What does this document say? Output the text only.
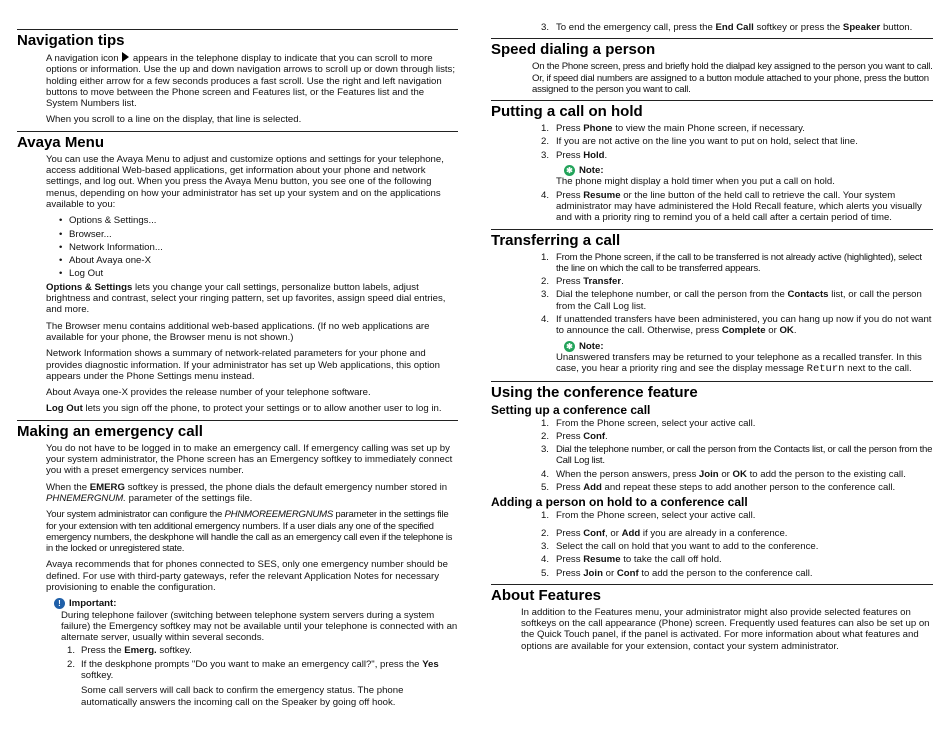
Navigation tips

A navigation icon appears in the telephone display to indicate that you can scroll to more options or information. Use the up and down navigation arrows to scroll up or down through lists; holding either arrow for a few seconds produces a fast scroll. Use the right and left navigation buttons to move between the Phone screen and Features list, or the Features list and the System Numbers list.

When you scroll to a line on the display, that line is selected.

Avaya Menu

You can use the Avaya Menu to adjust and customize options and settings for your telephone, access additional Web-based applications, get information about your phone and network settings, and log out. When you press the Avaya Menu button, you see one of the following menus, depending on how your administrator has set up your system and on the applications available to you:

• Options & Settings...
• Browser...
• Network Information...
• About Avaya one-X
• Log Out

Options & Settings lets you change your call settings, personalize button labels, adjust brightness and contrast, select your ringing pattern, set up favorites, assign speed dial entries, and more.

The Browser menu contains additional web-based applications. (If no web applications are available for your phone, the Browser menu is not shown.)

Network Information shows a summary of network-related parameters for your phone and provides diagnostic information. If your administrator has set up Web applications, this option appears under the Phone Settings menu instead.

About Avaya one-X provides the release number of your telephone software.

Log Out lets you sign off the phone, to protect your settings or to allow another user to log in.

Making an emergency call

You do not have to be logged in to make an emergency call. If emergency calling was set up by your system administrator, the Phone screen has an Emergency softkey to immediately connect you with a preset emergency services number.

When the EMERG softkey is pressed, the phone dials the default emergency number stored in PHNEMERGNUM. parameter of the settings file.

Your system administrator can configure the PHNMOREEMERGNUMS parameter in the settings file for your extension with ten additional emergency numbers. If a user dials any one of the specified emergency numbers, the deskphone will handle the call as an emergency call even if the telephone is in the locked or unregistered state.

Avaya recommends that for phones connected to SES, only one emergency number should be defined. For use with third-party gateways, refer the relevant Application Notes for necessary provisioning to enable the configuration.

! Important:

During telephone failover (switching between telephone system servers during a system failure) the Emergency softkey may not be available until your telephone is connected with an alternate server, usually within several seconds.

1. Press the Emerg. softkey.
2. If the deskphone prompts "Do you want to make an emergency call?", press the Yes softkey.

Some call servers will call back to confirm the emergency status. The phone automatically answers the incoming call on the Speaker by going off hook.

3. To end the emergency call, press the End Call softkey or press the Speaker button.
Speed dialing a person

On the Phone screen, press and briefly hold the dialpad key assigned to the person you want to call. Or, if speed dial numbers are assigned to a button module attached to your phone, press the button assigned to the person you want to call.

Putting a call on hold
1. Press Phone to view the main Phone screen, if necessary.
2. If you are not active on the line you want to put on hold, select that line.
3. Press Hold.
✱ Note:

The phone might display a hold timer when you put a call on hold.

4. Press Resume or the line button of the held call to retrieve the call. Your system administrator may have administered the Hold Recall feature, which alerts you visually and with a priority ring to remind you of a held call after a certain period of time.
Transferring a call
1. From the Phone screen, if the call to be transferred is not already active (highlighted), select the line on which the call to be transferred appears.
2. Press Transfer.
3. Dial the telephone number, or call the person from the Contacts list, or call the person from the Call Log list.
4. If unattended transfers have been administered, you can hang up now if you do not want to announce the call. Otherwise, press Complete or OK.
✱ Note:

Unanswered transfers may be returned to your telephone as a recalled transfer. In this case, you hear a priority ring and see the display message Return next to the call.

Using the conference feature
Setting up a conference call
1. From the Phone screen, select your active call.
2. Press Conf.
3. Dial the telephone number, or call the person from the Contacts list, or call the person from the Call Log list.
4. When the person answers, press Join or OK to add the person to the existing call.
5. Press Add and repeat these steps to add another person to the conference call.
Adding a person on hold to a conference call
1. From the Phone screen, select your active call.
2. Press Conf, or Add if you are already in a conference.
3. Select the call on hold that you want to add to the conference.
4. Press Resume to take the call off hold.
5. Press Join or Conf to add the person to the conference call.
About Features

In addition to the Features menu, your administrator might also provide selected features on softkeys on the call appearance (Phone) screen. Frequently used features can also be set up on the Quick Touch panel, if the panel is activated. For more information about what features and options are available for your extension, contact your system administrator.
